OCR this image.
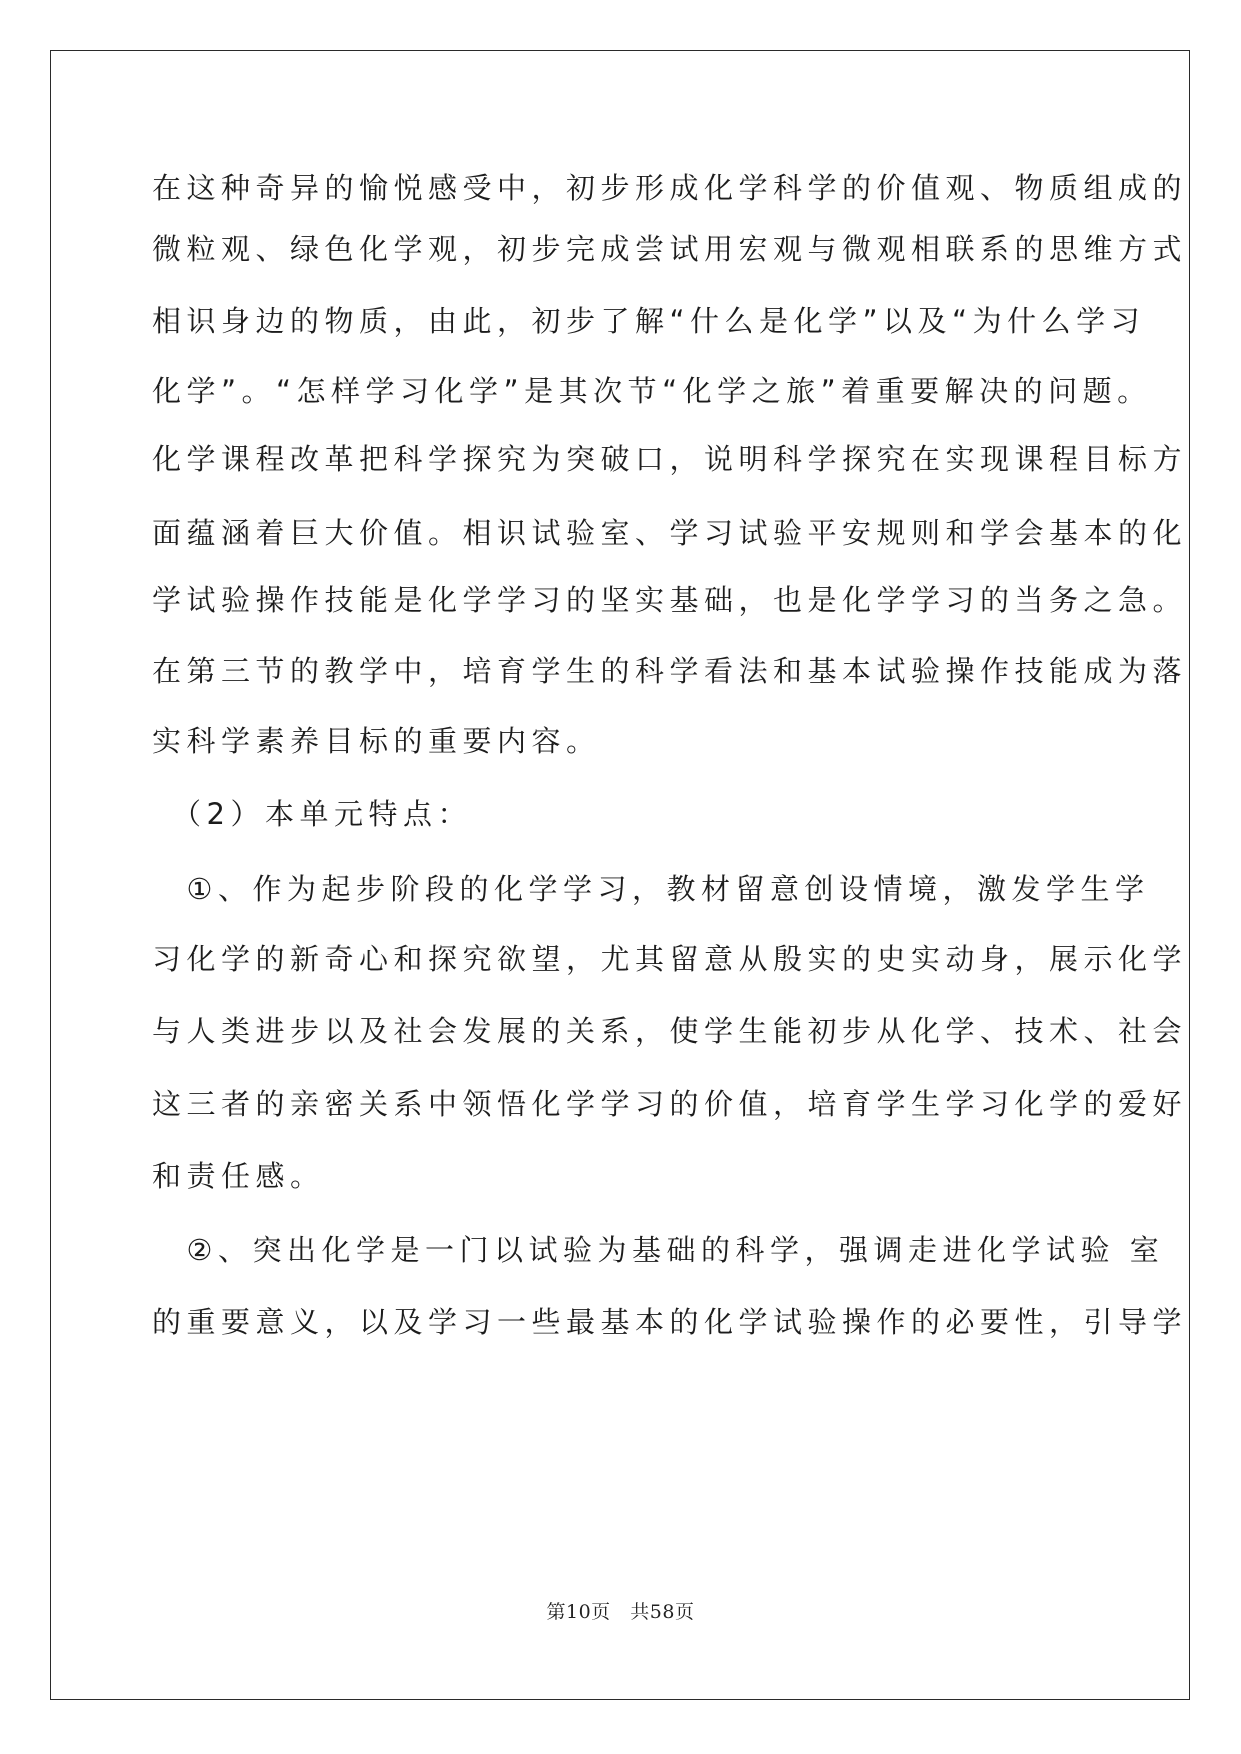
在这种奇异的愉悦感受中，初步形成化学科学的价值观、物质组成的
微粒观、绿色化学观，初步完成尝试用宏观与微观相联系的思维方式
相识身边的物质，由此，初步了解“什么是化学”以及“为什么学习
化学”。“怎样学习化学”是其次节“化学之旅”着重要解决的问题。
化学课程改革把科学探究为突破口，说明科学探究在实现课程目标方
面蕴涵着巨大价值。相识试验室、学习试验平安规则和学会基本的化
学试验操作技能是化学学习的坚实基础，也是化学学习的当务之急。
在第三节的教学中，培育学生的科学看法和基本试验操作技能成为落
实科学素养目标的重要内容。
　（2）本单元特点：
　①、作为起步阶段的化学学习，教材留意创设情境，激发学生学
习化学的新奇心和探究欲望，尤其留意从殷实的史实动身，展示化学
与人类进步以及社会发展的关系，使学生能初步从化学、技术、社会
这三者的亲密关系中领悟化学学习的价值，培育学生学习化学的爱好
和责任感。
　②、突出化学是一门以试验为基础的科学，强调走进化学试验 室
的重要意义，以及学习一些最基本的化学试验操作的必要性，引导学
第10页   共58页
